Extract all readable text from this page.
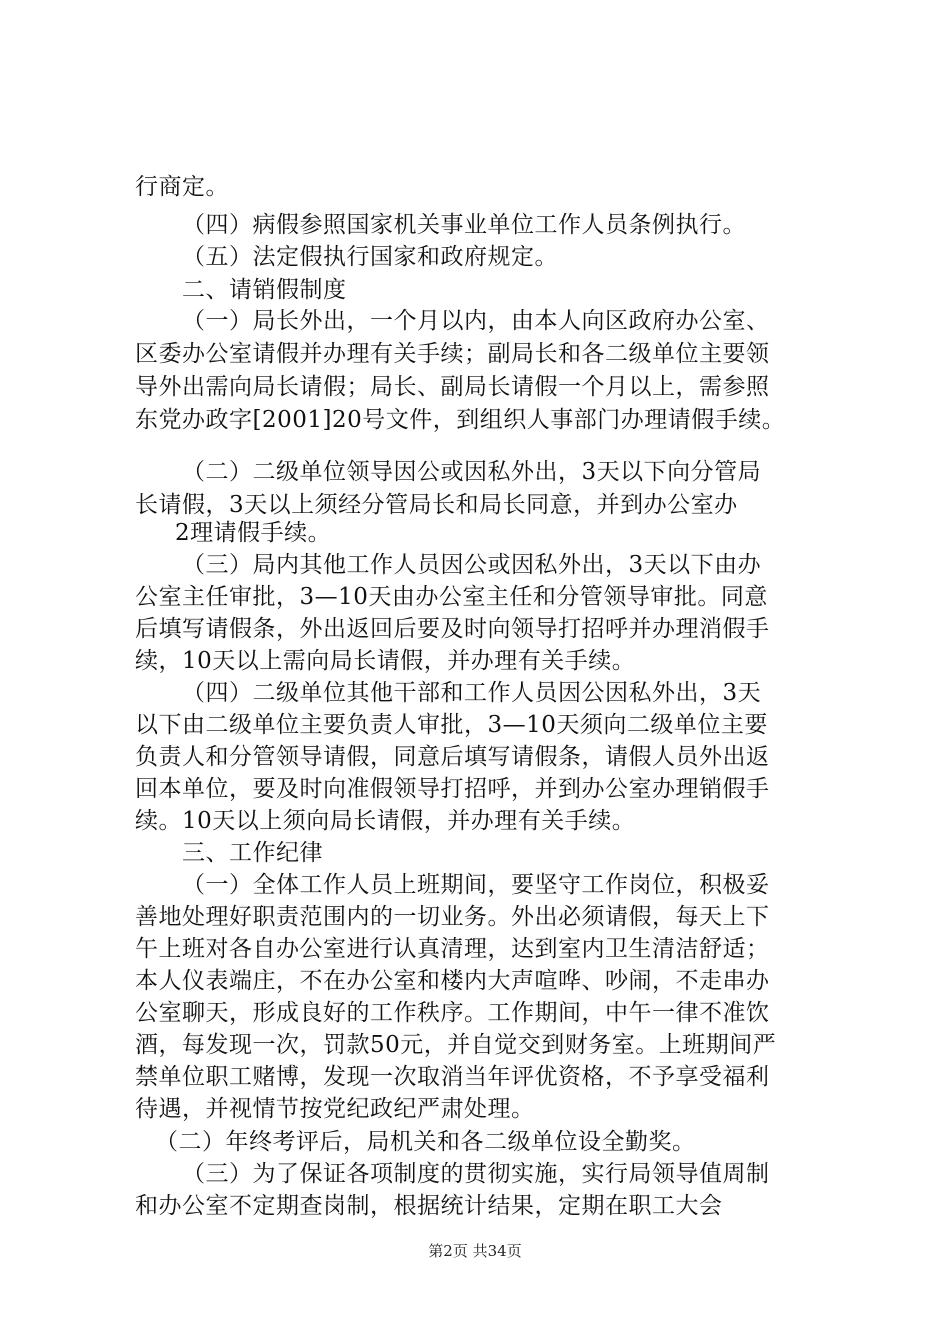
行商定。
（四）病假参照国家机关事业单位工作人员条例执行。
（五）法定假执行国家和政府规定。
二、请销假制度
（一）局长外出，一个月以内，由本人向区政府办公室、
区委办公室请假并办理有关手续；副局长和各二级单位主要领
导外出需向局长请假；局长、副局长请假一个月以上，需参照
东党办政字[2001]20号文件，到组织人事部门办理请假手续。
（二）二级单位领导因公或因私外出，3天以下向分管局
长请假，3天以上须经分管局长和局长同意，并到办公室办
2理请假手续。
（三）局内其他工作人员因公或因私外出，3天以下由办
公室主任审批，3—10天由办公室主任和分管领导审批。同意
后填写请假条，外出返回后要及时向领导打招呼并办理消假手
续，10天以上需向局长请假，并办理有关手续。
（四）二级单位其他干部和工作人员因公因私外出，3天
以下由二级单位主要负责人审批，3—10天须向二级单位主要
负责人和分管领导请假，同意后填写请假条，请假人员外出返
回本单位，要及时向准假领导打招呼，并到办公室办理销假手
续。10天以上须向局长请假，并办理有关手续。
三、工作纪律
（一）全体工作人员上班期间，要坚守工作岗位，积极妥
善地处理好职责范围内的一切业务。外出必须请假，每天上下
午上班对各自办公室进行认真清理，达到室内卫生清洁舒适；
本人仪表端庄，不在办公室和楼内大声喧哗、吵闹，不走串办
公室聊天，形成良好的工作秩序。工作期间，中午一律不准饮
酒，每发现一次，罚款50元，并自觉交到财务室。上班期间严
禁单位职工赌博，发现一次取消当年评优资格，不予享受福利
待遇，并视情节按党纪政纪严肃处理。
（二）年终考评后，局机关和各二级单位设全勤奖。
（三）为了保证各项制度的贯彻实施，实行局领导值周制
和办公室不定期查岗制，根据统计结果，定期在职工大会
第2页 共34页
